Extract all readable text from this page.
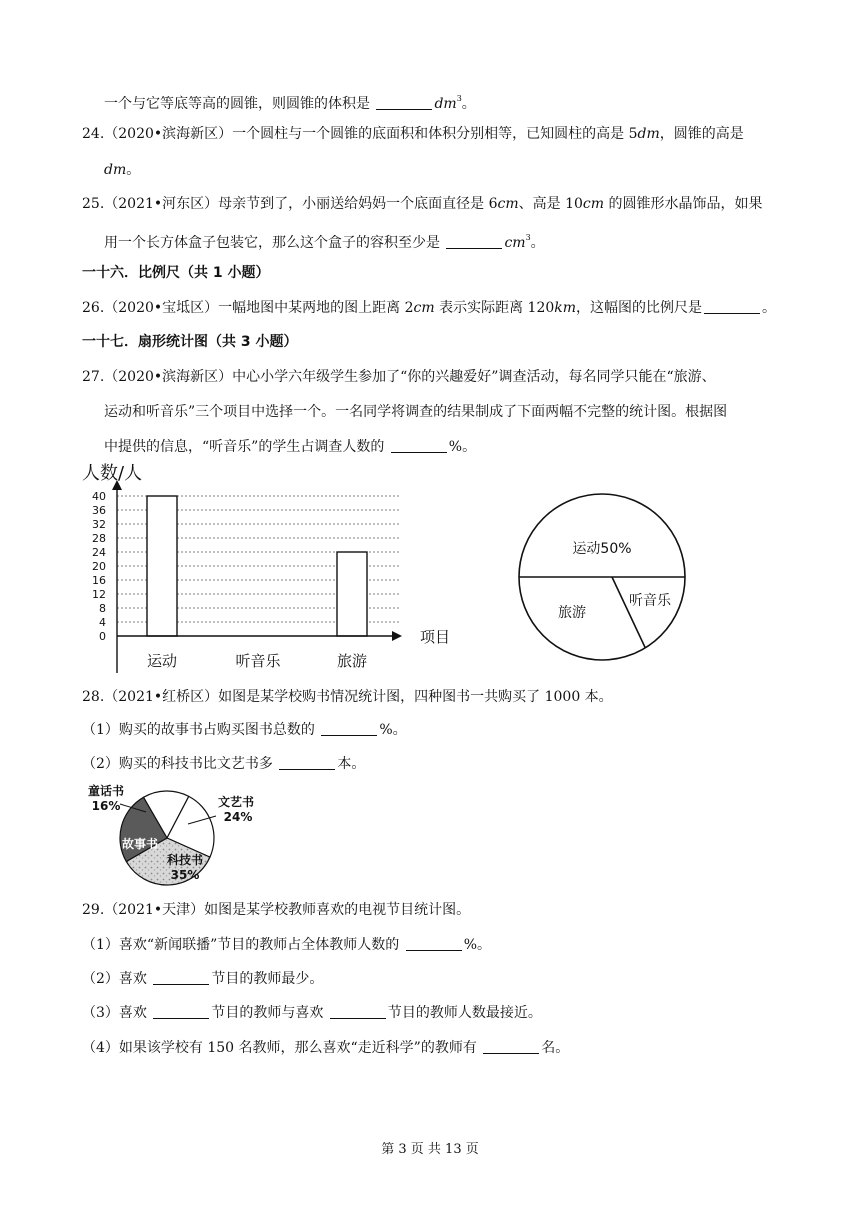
一个与它等底等高的圆锥，则圆锥的体积是	$dm^3$。
24.（2020•滨海新区）一个圆柱与一个圆锥的底面积和体积分别相等，已知圆柱的高是 5dm，圆锥的高是
dm。
25.（2021•河东区）母亲节到了，小丽送给妈妈一个底面直径是 6cm、高是 10cm 的圆锥形水晶饰品，如果
用一个长方体盒子包装它，那么这个盒子的容积至少是	$cm^3$。
一十六．比例尺（共 1 小题）
26.（2020•宝坻区）一幅地图中某两地的图上距离 2cm 表示实际距离 120km，这幅图的比例尺是	。
一十七．扇形统计图（共 3 小题）
27.（2020•滨海新区）中心小学六年级学生参加了“你的兴趣爱好”调查活动，每名同学只能在“旅游、
运动和听音乐”三个项目中选择一个。一名同学将调查的结果制成了下面两幅不完整的统计图。根据图
中提供的信息，“听音乐”的学生占调查人数的	%。
0
4
8
12
16
20
24
28
32
36
40
运动	听音乐	旅游
人数/人
项目
运动50%
旅游
听音乐
28.（2021•红桥区）如图是某学校购书情况统计图，四种图书一共购买了 1000 本。
（1）购买的故事书占购买图书总数的	%。
（2）购买的科技书比文艺书多	本。
童话书
16%	文艺书
24%
科技书
35%
故事书
29.（2021•天津）如图是某学校教师喜欢的电视节目统计图。
（1）喜欢“新闻联播”节目的教师占全体教师人数的	%。
（2）喜欢	节目的教师最少。
（3）喜欢	节目的教师与喜欢	节目的教师人数最接近。
（4）如果该学校有 150 名教师，那么喜欢“走近科学”的教师有	名。
第 3 页 共 13 页
